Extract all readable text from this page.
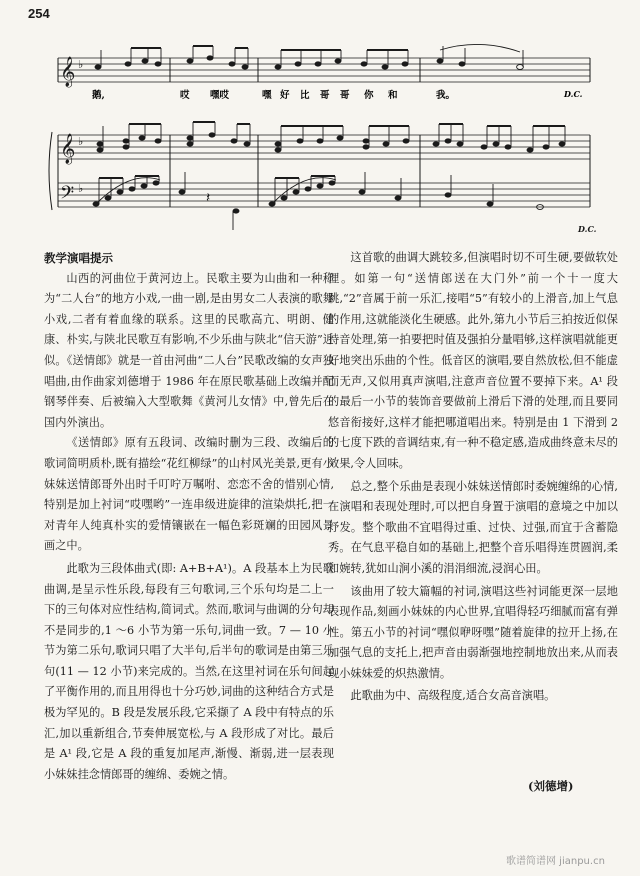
254
𝄞
𝄞
𝄢
♭
♭
♭
鹅,	哎 嘿哎	嘿 好 比 哥 哥 你 和	我。	D.C.
𝄽
D.C.

教学演唱提示

山西的河曲位于黄河边上。民歌主要为山曲和一种称为“二人台”的地方小戏,一曲一剧,是由男女二人表演的歌舞小戏,二者有着血缘的联系。这里的民歌高亢、明朗、健康、朴实,与陕北民歌互有影响,不少乐曲与陕北“信天游”近似。《送情郎》就是一首由河曲“二人台”民歌改编的女声独唱曲,由作曲家刘德增于 1986 年在原民歌基础上改编并配钢琴伴奏、后被编入大型歌舞《黄河儿女情》中,曾先后在国内外演出。

《送情郎》原有五段词、改编时删为三段、改编后的歌词简明质朴,既有描绘“花红柳绿”的山村风光美景,更有小妹妹送情郎哥外出时千叮咛万嘱咐、恋恋不舍的惜别心情,特别是加上衬词“哎嘿哟”一连串级进旋律的渲染烘托,把一对青年人纯真朴实的爱情镶嵌在一幅色彩斑斓的田园风景画之中。

此歌为三段体曲式(即: A+B+A¹)。A 段基本上为民歌曲调,是呈示性乐段,每段有三句歌词,三个乐句均是二上一下的三句体对应性结构,简词式。然而,歌词与曲调的分句却不是同步的,1 ～6 小节为第一乐句,词曲一致。7 — 10 小节为第二乐句,歌词只唱了大半句,后半句的歌词是由第三乐句(11 — 12 小节)来完成的。当然,在这里衬词在乐句间起了平衡作用的,而且用得也十分巧妙,词曲的这种结合方式是极为罕见的。B 段是发展乐段,它采撷了 A 段中有特点的乐汇,加以重新组合,节奏伸展宽松,与 A 段形成了对比。最后是 A¹ 段,它是 A 段的重复加尾声,渐慢、渐弱,进一层表现小妹妹挂念情郎哥的缠绵、委婉之情。

这首歌的曲调大跳较多,但演唱时切不可生硬,要做软处理。如第一句“送情郎送在大门外”前一个十一度大跳,“2”音属于前一乐汇,接唱“5”有较小的上滑音,加上气息的作用,这就能淡化生硬感。此外,第九小节后三拍按近似保持音处理,第一拍要把时值及强拍分量唱够,这样演唱就能更好地突出乐曲的个性。低音区的演唱,要自然放松,但不能虚而无声,又似用真声演唱,注意声音位置不要掉下来。A¹ 段的最后一小节的装饰音要做前上滑后下滑的处理,而且要同悠音衔接好,这样才能把哪道唱出来。特别是由 1 下滑到 2 的七度下跌的音调结束,有一种不稳定感,造成曲终意未尽的效果,令人回味。

总之,整个乐曲是表现小妹妹送情郎时委婉缠绵的心情,在演唱和表现处理时,可以把自身置于演唱的意境之中加以抒发。整个歌曲不宜唱得过重、过快、过强,而宜于含蓄隐秀。在气息平稳自如的基础上,把整个音乐唱得连贯圆润,柔和婉转,犹如山涧小溪的涓涓细流,浸润心田。

该曲用了较大篇幅的衬词,演唱这些衬词能更深一层地表现作品,刻画小妹妹的内心世界,宜唱得轻巧细腻而富有弹性。第五小节的衬词“嘿似咿呀嘿”随着旋律的拉开上扬,在加强气息的支托上,把声音由弱渐强地控制地放出来,从而表现小妹妹爱的炽热激情。

此歌曲为中、高级程度,适合女高音演唱。

(刘德增)
歌谱简谱网 jianpu.cn
